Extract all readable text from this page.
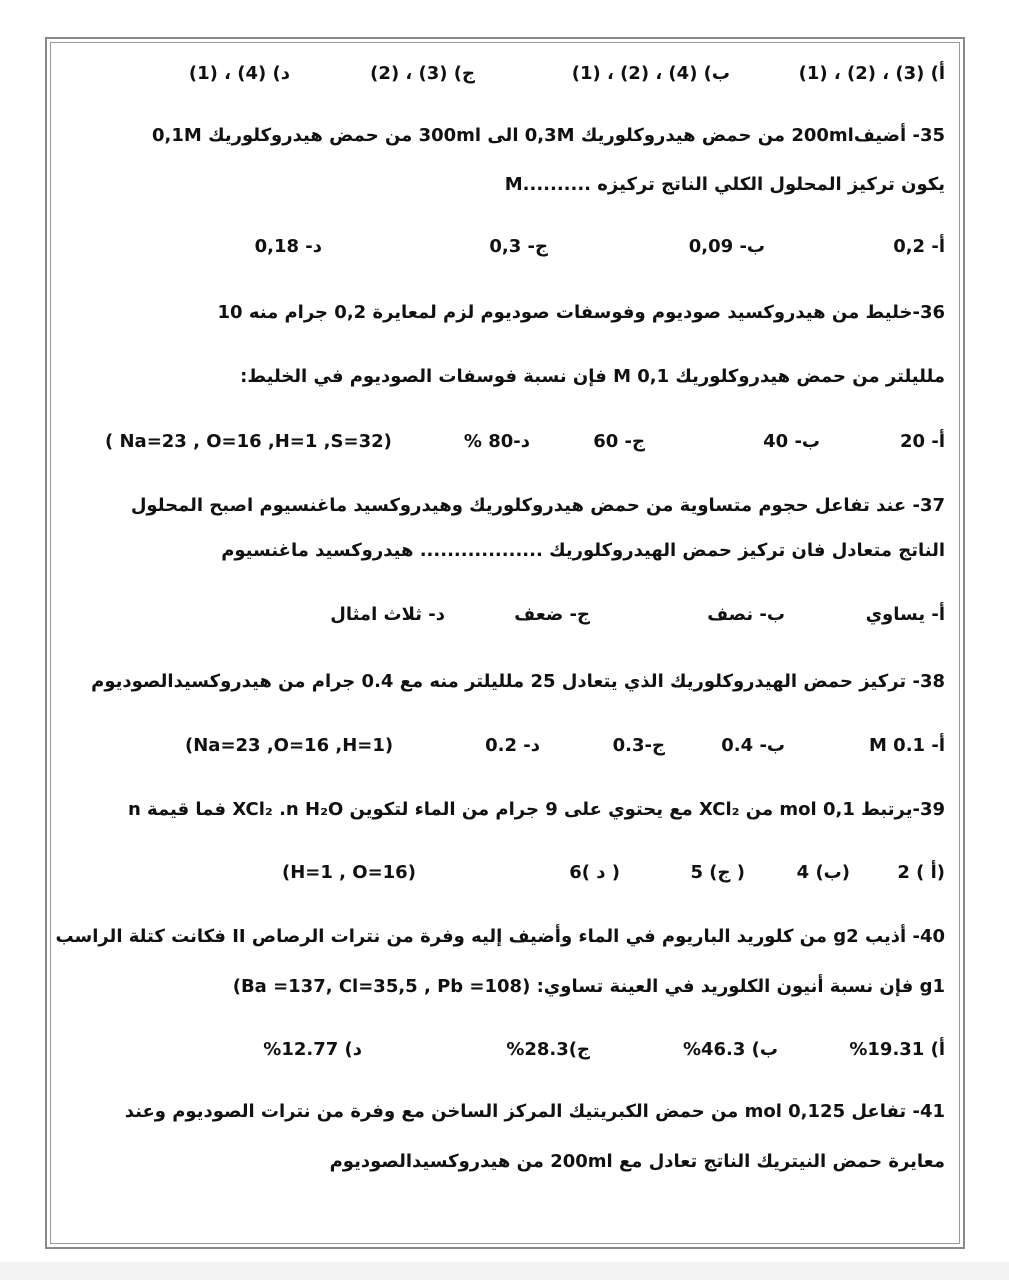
أ) (3) ، (2) ، (1)
ب) (4) ، (2) ، (1)
ج) (3) ، (2)
د) (4) ، (1)
35- أضيف200ml من حمض هيدروكلوريك 0,3M الى 300ml من حمض هيدروكلوريك 0,1M
يكون تركيز المحلول الكلي الناتج تركيزه ..........M
أ- 0,2
ب- 0,09
ج- 0,3
د- 0,18
36-خليط من هيدروكسيد صوديوم وفوسفات صوديوم لزم لمعايرة 0,2 جرام منه 10
ملليلتر من حمض هيدروكلوريك M 0,1 فإن نسبة فوسفات الصوديوم في الخليط:
أ- 20
ب- 40
ج- 60
د-80 %
( Na=23 , O=16 ,H=1 ,S=32)
37- عند تفاعل حجوم متساوية من حمض هيدروكلوريك وهيدروكسيد ماغنسيوم اصبح المحلول
الناتج متعادل فان تركيز حمض الهيدروكلوريك .................. هيدروكسيد ماغنسيوم
أ- يساوي
ب- نصف
ج- ضعف
د- ثلاث امثال
38- تركيز حمض الهيدروكلوريك الذي يتعادل 25 ملليلتر منه مع 0.4 جرام من هيدروكسيدالصوديوم
أ- M 0.1
ب- 0.4
ج-0.3
د- 0.2
(Na=23 ,O=16 ,H=1)
39-يرتبط 0,1 mol من XCl₂ مع يحتوي على 9 جرام من الماء لتكوين XCl₂ .n H₂O فما قيمة n
(أ ) 2
(ب) 4
( ج) 5
( د )6
(H=1 , O=16)
40- أذيب g2 من كلوريد الباريوم في الماء وأضيف إليه وفرة من نترات الرصاص II فكانت كتلة الراسب
g1 فإن نسبة أنيون الكلوريد في العينة تساوي: (Ba =137, Cl=35,5 , Pb =108)
أ) 19.31%
ب) 46.3%
ج)28.3%
د) 12.77%
41- تفاعل 0,125 mol من حمض الكبريتيك المركز الساخن مع وفرة من نترات الصوديوم وعند
معايرة حمض النيتريك الناتج تعادل مع 200ml من هيدروكسيدالصوديوم
